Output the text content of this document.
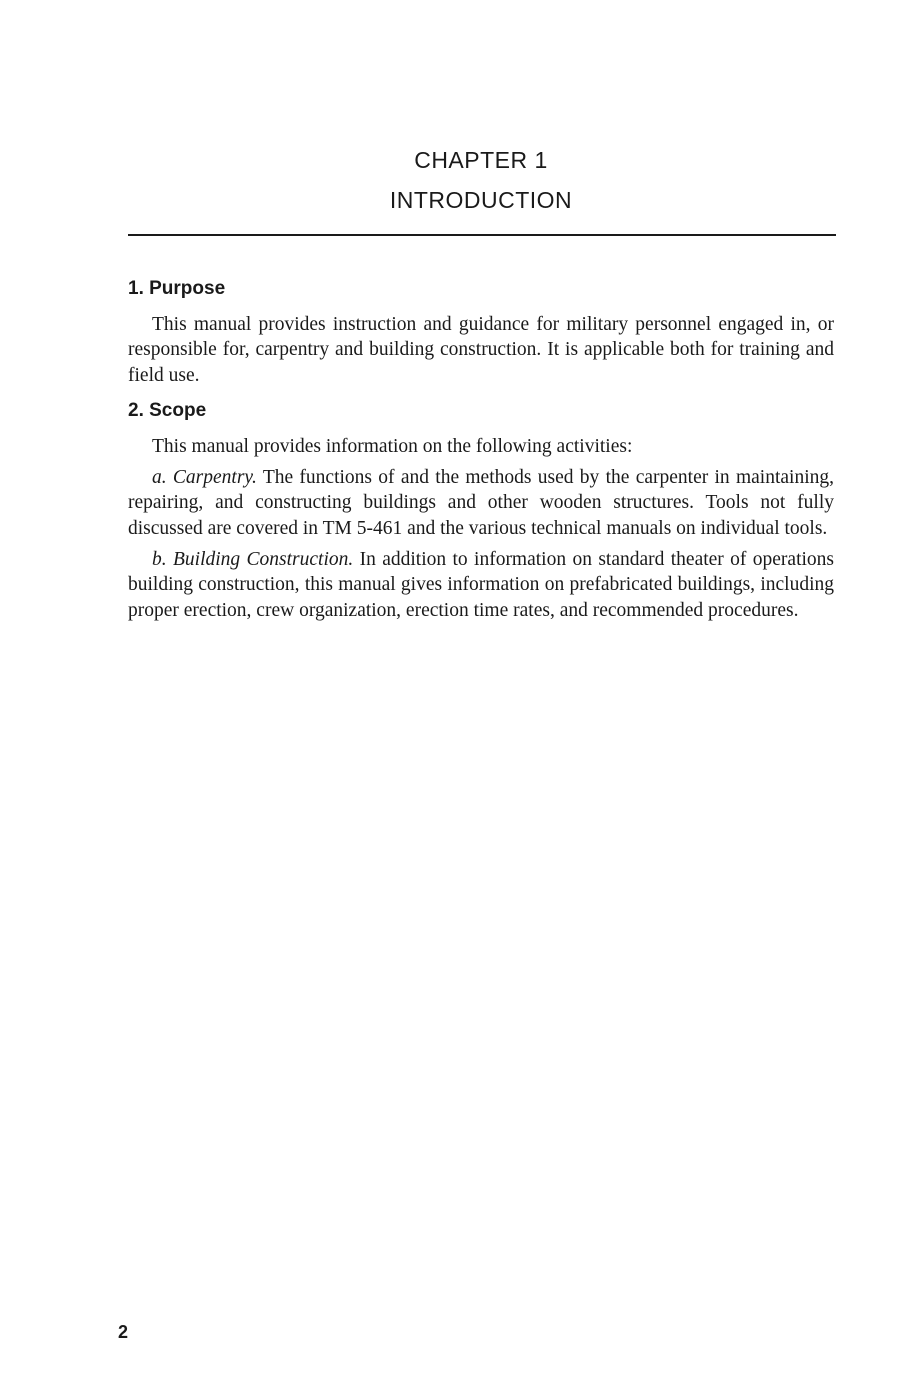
CHAPTER 1
INTRODUCTION
1. Purpose

This manual provides instruction and guidance for military personnel engaged in, or responsible for, carpentry and building construction. It is applicable both for training and field use.

2. Scope

This manual provides information on the following activities:

a. Carpentry. The functions of and the methods used by the carpenter in maintaining, repairing, and constructing buildings and other wooden structures. Tools not fully discussed are covered in TM 5-461 and the various technical manuals on individual tools.

b. Building Construction. In addition to information on standard theater of operations building construction, this manual gives information on prefabricated buildings, including proper erection, crew organization, erection time rates, and recommended procedures.

2
